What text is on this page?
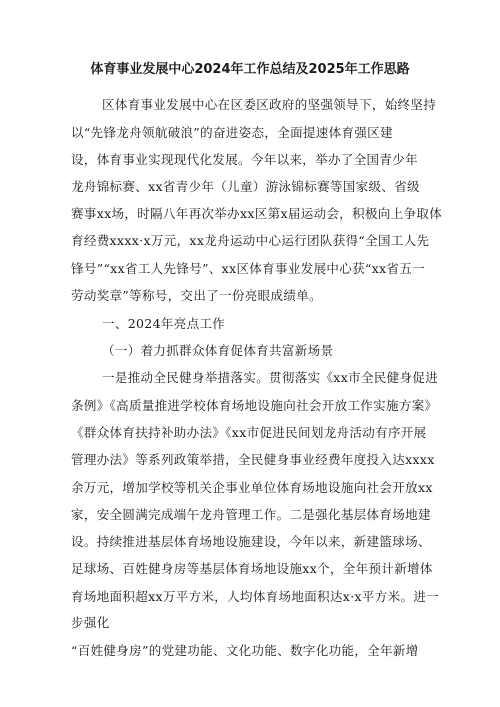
体育事业发展中心2024年工作总结及2025年工作思路
区体育事业发展中心在区委区政府的坚强领导下，始终坚持
以“先锋龙舟领航破浪”的奋进姿态，全面提速体育强区建
设，体育事业实现现代化发展。今年以来，举办了全国青少年
龙舟锦标赛、xx省青少年（儿童）游泳锦标赛等国家级、省级
赛事xx场，时隔八年再次举办xx区第x届运动会，积极向上争取体
育经费xxxx·x万元，xx龙舟运动中心运行团队获得“全国工人先
锋号”“xx省工人先锋号”、xx区体育事业发展中心获“xx省五一
劳动奖章”等称号，交出了一份亮眼成绩单。
一、2024年亮点工作
（一）着力抓群众体育促体育共富新场景
一是推动全民健身举措落实。贯彻落实《xx市全民健身促进
条例》《高质量推进学校体育场地设施向社会开放工作实施方案》
《群众体育扶持补助办法》《xx市促进民间划龙舟活动有序开展
管理办法》等系列政策举措，全民健身事业经费年度投入达xxxx
余万元，增加学校等机关企事业单位体育场地设施向社会开放xx
家，安全圆满完成端午龙舟管理工作。二是强化基层体育场地建
设。持续推进基层体育场地设施建设，今年以来，新建篮球场、
足球场、百姓健身房等基层体育场地设施xx个，全年预计新增体
育场地面积超xx万平方米，人均体育场地面积达x·x平方米。进一
步强化
“百姓健身房”的党建功能、文化功能、数字化功能，全年新增
